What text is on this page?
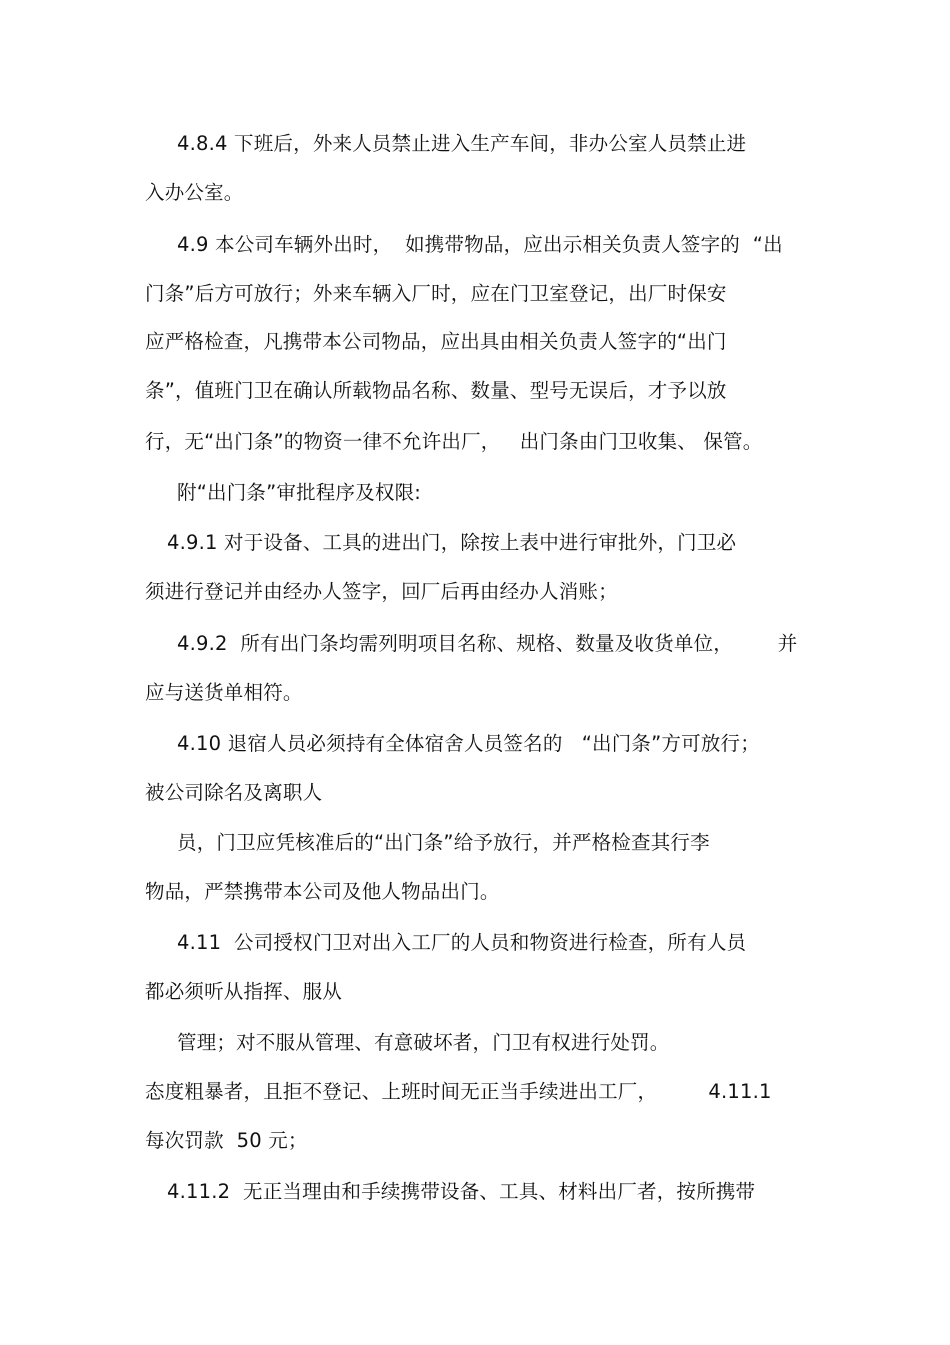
4.8.4 下班后，外来人员禁止进入生产车间，非办公室人员禁止进
入办公室。
4.9 本公司车辆外出时，  如携带物品，应出示相关负责人签字的  “出
门条”后方可放行；外来车辆入厂时，应在门卫室登记，出厂时保安
应严格检查，凡携带本公司物品，应出具由相关负责人签字的“出门
条”，值班门卫在确认所载物品名称、数量、型号无误后，才予以放
行，无“出门条”的物资一律不允许出厂，   出门条由门卫收集、 保管。
附“出门条”审批程序及权限:
4.9.1 对于设备、工具的进出门，除按上表中进行审批外，门卫必
须进行登记并由经办人签字，回厂后再由经办人消账；
4.9.2  所有出门条均需列明项目名称、规格、数量及收货单位，       并
应与送货单相符。
4.10 退宿人员必须持有全体宿舍人员签名的   “出门条”方可放行；
被公司除名及离职人
员，门卫应凭核准后的“出门条”给予放行，并严格检查其行李
物品，严禁携带本公司及他人物品出门。
4.11  公司授权门卫对出入工厂的人员和物资进行检查，所有人员
都必须听从指挥、服从
管理；对不服从管理、有意破坏者，门卫有权进行处罚。
态度粗暴者，且拒不登记、上班时间无正当手续进出工厂，        4.11.1
每次罚款  50 元；
4.11.2  无正当理由和手续携带设备、工具、材料出厂者，按所携带
